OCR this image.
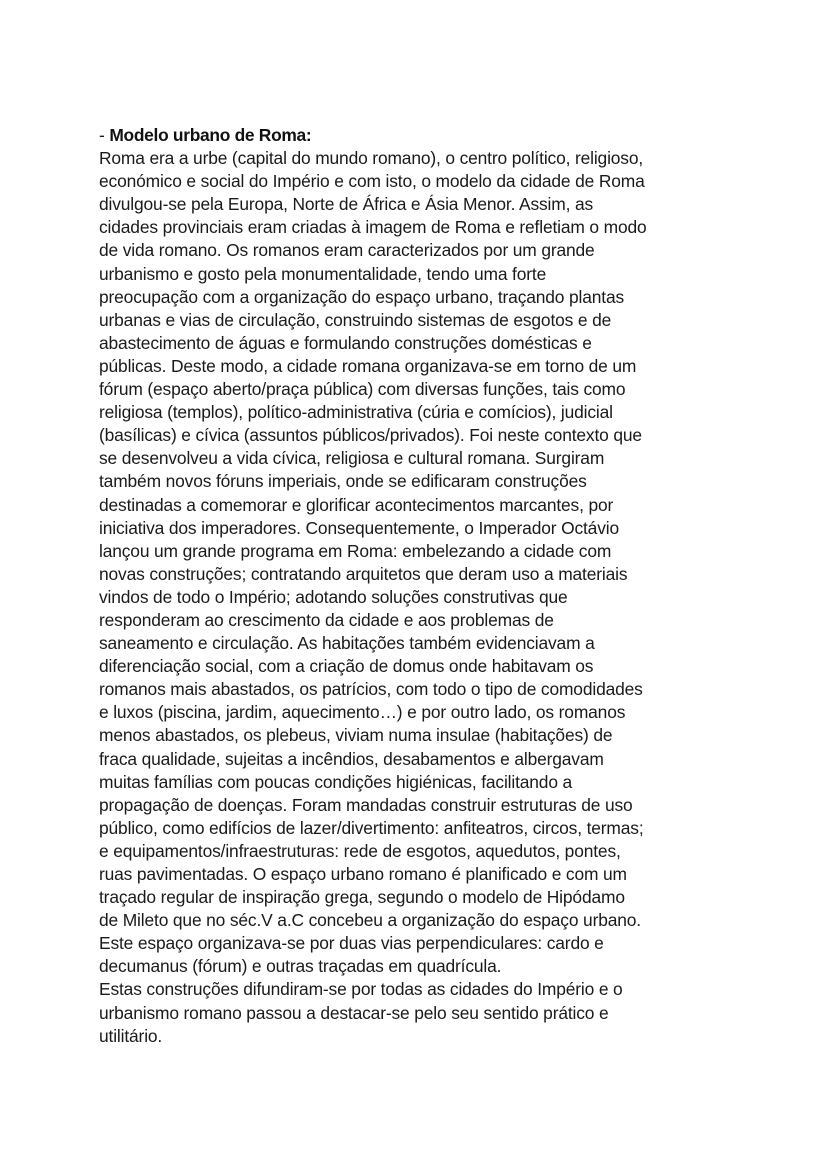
- Modelo urbano de Roma:
Roma era a urbe (capital do mundo romano), o centro político, religioso,
económico e social do Império e com isto, o modelo da cidade de Roma
divulgou-se pela Europa, Norte de África e Ásia Menor. Assim, as
cidades provinciais eram criadas à imagem de Roma e refletiam o modo
de vida romano. Os romanos eram caracterizados por um grande
urbanismo e gosto pela monumentalidade, tendo uma forte
preocupação com a organização do espaço urbano, traçando plantas
urbanas e vias de circulação, construindo sistemas de esgotos e de
abastecimento de águas e formulando construções domésticas e
públicas. Deste modo, a cidade romana organizava-se em torno de um
fórum (espaço aberto/praça pública) com diversas funções, tais como
religiosa (templos), político-administrativa (cúria e comícios), judicial
(basílicas) e cívica (assuntos públicos/privados). Foi neste contexto que
se desenvolveu a vida cívica, religiosa e cultural romana. Surgiram
também novos fóruns imperiais, onde se edificaram construções
destinadas a comemorar e glorificar acontecimentos marcantes, por
iniciativa dos imperadores. Consequentemente, o Imperador Octávio
lançou um grande programa em Roma: embelezando a cidade com
novas construções; contratando arquitetos que deram uso a materiais
vindos de todo o Império; adotando soluções construtivas que
responderam ao crescimento da cidade e aos problemas de
saneamento e circulação. As habitações também evidenciavam a
diferenciação social, com a criação de domus onde habitavam os
romanos mais abastados, os patrícios, com todo o tipo de comodidades
e luxos (piscina, jardim, aquecimento…) e por outro lado, os romanos
menos abastados, os plebeus, viviam numa insulae (habitações) de
fraca qualidade, sujeitas a incêndios, desabamentos e albergavam
muitas famílias com poucas condições higiénicas, facilitando a
propagação de doenças. Foram mandadas construir estruturas de uso
público, como edifícios de lazer/divertimento: anfiteatros, circos, termas;
e equipamentos/infraestruturas: rede de esgotos, aquedutos, pontes,
ruas pavimentadas. O espaço urbano romano é planificado e com um
traçado regular de inspiração grega, segundo o modelo de Hipódamo
de Mileto que no séc.V a.C concebeu a organização do espaço urbano.
Este espaço organizava-se por duas vias perpendiculares: cardo e
decumanus (fórum) e outras traçadas em quadrícula.
Estas construções difundiram-se por todas as cidades do Império e o
urbanismo romano passou a destacar-se pelo seu sentido prático e
utilitário.
